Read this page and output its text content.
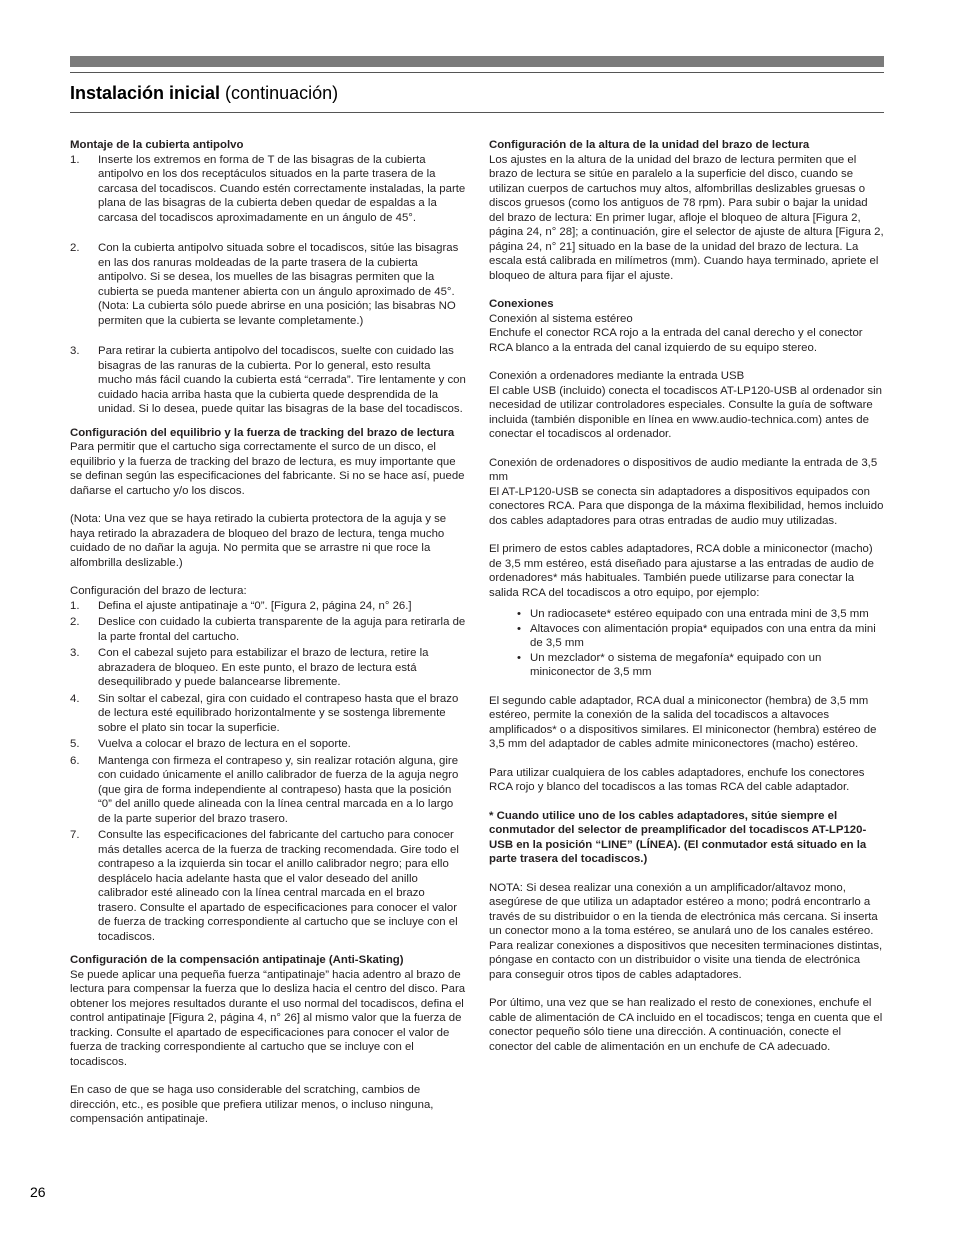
Instalación inicial (continuación)

Montaje de la cubierta antipolvo

1. Inserte los extremos en forma de T de las bisagras de la cubierta antipolvo en los dos receptáculos situados en la parte trasera de la carcasa del tocadiscos. Cuando estén correctamente instaladas, la parte plana de las bisagras de la cubierta deben quedar de espaldas a la carcasa del tocadiscos aproximadamente en un ángulo de 45°.
2. Con la cubierta antipolvo situada sobre el tocadiscos, sitúe las bisagras en las dos ranuras moldeadas de la parte trasera de la cubierta antipolvo. Si se desea, los muelles de las bisagras permiten que la cubierta se pueda mantener abierta con un ángulo aproximado de 45°. (Nota: La cubierta sólo puede abrirse en una posición; las bisabras NO permiten que la cubierta se levante completamente.)
3. Para retirar la cubierta antipolvo del tocadiscos, suelte con cuidado las bisagras de las ranuras de la cubierta. Por lo general, esto resulta mucho más fácil cuando la cubierta está “cerrada”. Tire lentamente y con cuidado hacia arriba hasta que la cubierta quede desprendida de la unidad. Si lo desea, puede quitar las bisagras de la base del tocadiscos.

Configuración del equilibrio y la fuerza de tracking del brazo de lectura

Para permitir que el cartucho siga correctamente el surco de un disco, el equilibrio y la fuerza de tracking del brazo de lectura, es muy importante que se definan según las especificaciones del fabricante. Si no se hace así, puede dañarse el cartucho y/o los discos.

(Nota: Una vez que se haya retirado la cubierta protectora de la aguja y se haya retirado la abrazadera de bloqueo del brazo de lectura, tenga mucho cuidado de no dañar la aguja. No permita que se arrastre ni que roce la alfombrilla deslizable.)

Configuración del brazo de lectura:

1. Defina el ajuste antipatinaje a “0”. [Figura 2, página 24, n° 26.]
2. Deslice con cuidado la cubierta transparente de la aguja para retirarla de la parte frontal del cartucho.
3. Con el cabezal sujeto para estabilizar el brazo de lectura, retire la abrazadera de bloqueo. En este punto, el brazo de lectura está desequilibrado y puede balancearse libremente.
4. Sin soltar el cabezal, gira con cuidado el contrapeso hasta que el brazo de lectura esté equilibrado horizontalmente y se sostenga libremente sobre el plato sin tocar la superficie.
5. Vuelva a colocar el brazo de lectura en el soporte.
6. Mantenga con firmeza el contrapeso y, sin realizar rotación alguna, gire con cuidado únicamente el anillo calibrador de fuerza de la aguja negro (que gira de forma independiente al contrapeso) hasta que la posición “0” del anillo quede alineada con la línea central marcada en a lo largo de la parte superior del brazo trasero.
7. Consulte las especificaciones del fabricante del cartucho para conocer más detalles acerca de la fuerza de tracking recomendada. Gire todo el contrapeso a la izquierda sin tocar el anillo calibrador negro; para ello desplácelo hacia adelante hasta que el valor deseado del anillo calibrador esté alineado con la línea central marcada en el brazo trasero. Consulte el apartado de especificaciones para conocer el valor de fuerza de tracking correspondiente al cartucho que se incluye con el tocadiscos.

Configuración de la compensación antipatinaje (Anti-Skating)

Se puede aplicar una pequeña fuerza “antipatinaje” hacia adentro al brazo de lectura para compensar la fuerza que lo desliza hacia el centro del disco. Para obtener los mejores resultados durante el uso normal del tocadiscos, defina el control antipatinaje [Figura 2, página 4, n° 26] al mismo valor que la fuerza de tracking. Consulte el apartado de especificaciones para conocer el valor de fuerza de tracking correspondiente al cartucho que se incluye con el tocadiscos.

En caso de que se haga uso considerable del scratching, cambios de dirección, etc., es posible que prefiera utilizar menos, o incluso ninguna, compensación antipatinaje.

Configuración de la altura de la unidad del brazo de lectura

Los ajustes en la altura de la unidad del brazo de lectura permiten que el brazo de lectura se sitúe en paralelo a la superficie del disco, cuando se utilizan cuerpos de cartuchos muy altos, alfombrillas deslizables gruesas o discos gruesos (como los antiguos de 78 rpm). Para subir o bajar la unidad del brazo de lectura: En primer lugar, afloje el bloqueo de altura [Figura 2, página 24, n° 28]; a continuación, gire el selector de ajuste de altura [Figura 2, página 24, n° 21] situado en la base de la unidad del brazo de lectura. La escala está calibrada en milímetros (mm). Cuando haya terminado, apriete el bloqueo de altura para fijar el ajuste.

Conexiones

Conexión al sistema estéreo

Enchufe el conector RCA rojo a la entrada del canal derecho y el conector RCA blanco a la entrada del canal izquierdo de su equipo stereo.

Conexión a ordenadores mediante la entrada USB

El cable USB (incluido) conecta el tocadiscos AT-LP120-USB al ordenador sin necesidad de utilizar controladores especiales. Consulte la guía de software incluida (también disponible en línea en www.audio-technica.com) antes de conectar el tocadiscos al ordenador.

Conexión de ordenadores o dispositivos de audio mediante la entrada de 3,5 mm

El AT-LP120-USB se conecta sin adaptadores a dispositivos equipados con conectores RCA. Para que disponga de la máxima flexibilidad, hemos incluido dos cables adaptadores para otras entradas de audio muy utilizadas.

El primero de estos cables adaptadores, RCA doble a miniconector (macho) de 3,5 mm estéreo, está diseñado para ajustarse a las entradas de audio de ordenadores* más habituales. También puede utilizarse para conectar la salida RCA del tocadiscos a otro equipo, por ejemplo:

• Un radiocasete* estéreo equipado con una entrada mini de 3,5 mm
• Altavoces con alimentación propia* equipados con una entra da mini de 3,5 mm
• Un mezclador* o sistema de megafonía* equipado con un miniconector de 3,5 mm

El segundo cable adaptador, RCA dual a miniconector (hembra) de 3,5 mm estéreo, permite la conexión de la salida del tocadiscos a altavoces amplificados* o a dispositivos similares. El miniconector (hembra) estéreo de 3,5 mm del adaptador de cables admite miniconectores (macho) estéreo.

Para utilizar cualquiera de los cables adaptadores, enchufe los conectores RCA rojo y blanco del tocadiscos a las tomas RCA del cable adaptador.

* Cuando utilice uno de los cables adaptadores, sitúe siempre el conmutador del selector de preamplificador del tocadiscos AT-LP120-USB en la posición “LINE” (LÍNEA). (El conmutador está situado en la parte trasera del tocadiscos.)

NOTA: Si desea realizar una conexión a un amplificador/altavoz mono, asegúrese de que utiliza un adaptador estéreo a mono; podrá encontrarlo a través de su distribuidor o en la tienda de electrónica más cercana. Si inserta un conector mono a la toma estéreo, se anulará uno de los canales estéreo. Para realizar conexiones a dispositivos que necesiten terminaciones distintas, póngase en contacto con un distribuidor o visite una tienda de electrónica para conseguir otros tipos de cables adaptadores.

Por último, una vez que se han realizado el resto de conexiones, enchufe el cable de alimentación de CA incluido en el tocadiscos; tenga en cuenta que el conector pequeño sólo tiene una dirección. A continuación, conecte el conector del cable de alimentación en un enchufe de CA adecuado.

26
